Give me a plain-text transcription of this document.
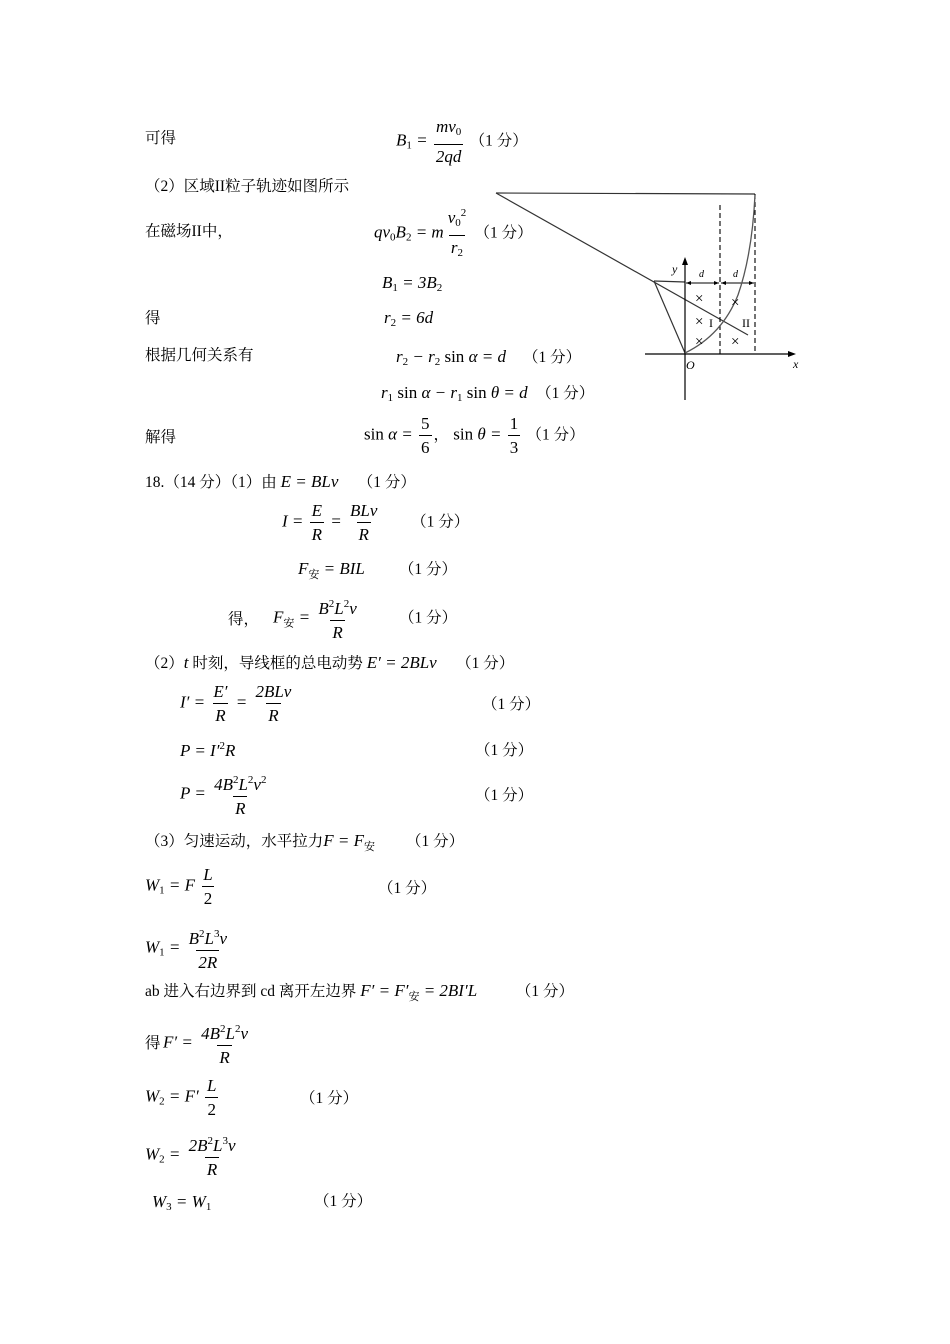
可得	$B_1 = \frac{mv_0}{2qd} (1$ 分）
（2）区域II粒子轨迹如图所示
在磁场II中，	$qv_0B_2 = m \frac{v_0^2}{r_2} (1$ 分）
$B_1 = 3B_2$
得	$r_2 = 6d$
根据几何关系有	$r_2 - r_2$ sin α = d    （1 分）
$r_1$ $\sin \alpha - r_1$ sin θ = d  （1 分）
解得	$\sin \alpha = \frac{5}{6}$ ， $\sin \theta = \frac{1}{3} (1$ 分）
18.（14 分）（1）由 E = BLv （1 分）
$I = \frac{E}{R} = \frac{\text{BLv}}{R} (1$ 分）
$F_安$ = BIL        （1 分）
得， $F_安 = \frac{B^2L^2v}{R}$	（1 分）
（2）t 时刻，导线框的总电动势 E′ = 2BLv （1 分）
$I' = \frac{E'}{R} = \frac{\text{2BLv}}{R}$	（1 分）
$P = I'^2R$	（1 分）
$P = \frac{4B^2L^2v^2}{R}$	（1 分）
（3）匀速运动，水平拉力$F = F_安$ （1 分）
$W_1 = F \frac{L}{2}$	（1 分）
$W_1 = \frac{B^2L^3v}{2R}$
ab 进入右边界到 cd 离开左边界 $F' = F'_安 = 2BI'L$	（1 分）
得 $F' = \frac{4B^2L^2v}{R}$
$W_2 = F' \frac{L}{2}$	（1 分）
$W_2 = \frac{2B^2L^3v}{R}$
$W_3 = W_1$	（1 分）
y
x
O
d	d
I II
×
×
×
×
×
